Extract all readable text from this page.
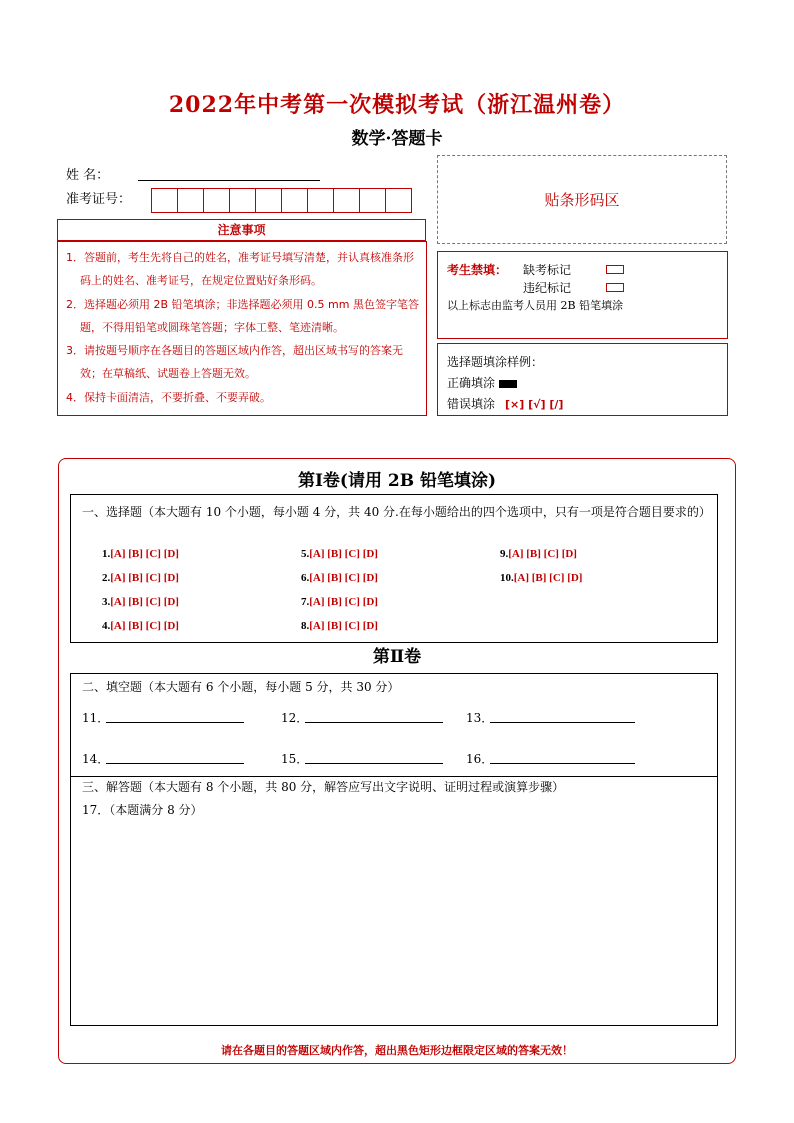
2022年中考第一次模拟考试（浙江温州卷）
数学·答题卡
姓 名：
准考证号：	贴条形码区
注意事项
1．答题前，考生先将自己的姓名，准考证号填写清楚，并认真核准条形码上的姓名、准考证号，在规定位置贴好条形码。
2．选择题必须用 2B 铅笔填涂；非选择题必须用 0.5 mm 黑色签字笔答题，不得用铅笔或圆珠笔答题；字体工整、笔迹清晰。
3．请按题号顺序在各题目的答题区域内作答，超出区域书写的答案无效；在草稿纸、试题卷上答题无效。
4．保持卡面清洁，不要折叠、不要弄破。
考生禁填： 缺考标记
违纪标记
以上标志由监考人员用 2B 铅笔填涂
选择题填涂样例：
正确填涂
错误填涂 [×] [√] [∕]
第Ⅰ卷(请用 2B 铅笔填涂)
一、选择题（本大题有 10 个小题，每小题 4 分，共 40 分.在每小题给出的四个选项中，只有一项是符合题目要求的）
1.[A] [B] [C] [D]
2.[A] [B] [C] [D]
3.[A] [B] [C] [D]
4.[A] [B] [C] [D]
5.[A] [B] [C] [D]
6.[A] [B] [C] [D]
7.[A] [B] [C] [D]
8.[A] [B] [C] [D]
9.[A] [B] [C] [D]
10.[A] [B] [C] [D]
第Ⅱ卷
二、填空题（本大题有 6 个小题，每小题 5 分，共 30 分）
11．	12．	13．
14．	15．	16．
三、解答题（本大题有 8 个小题，共 80 分，解答应写出文字说明、证明过程或演算步骤）
17．（本题满分 8 分）
请在各题目的答题区域内作答，超出黑色矩形边框限定区域的答案无效！
